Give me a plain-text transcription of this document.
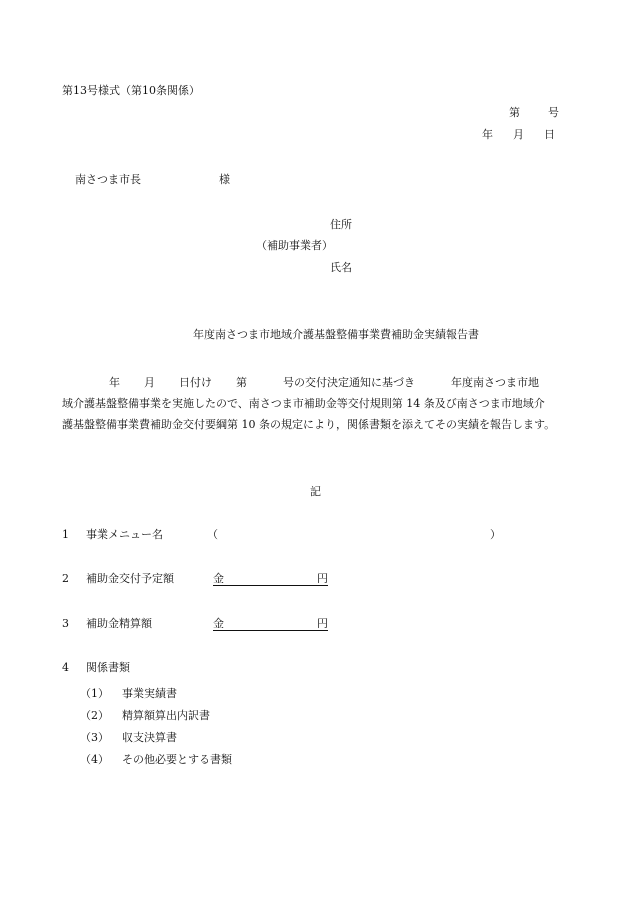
第13号様式（第10条関係）
第	号
年 月 日
南さつま市長	様
住所
（補助事業者）
氏名
年度南さつま市地域介護基盤整備事業費補助金実績報告書

年 月 日付け 第	号の交付決定通知に基づき	年度南さつま市地

域介護基盤整備事業を実施したので、南さつま市補助金等交付規則第 14 条及び南さつま市地域介

護基盤整備事業費補助金交付要綱第 10 条の規定により，関係書類を添えてその実績を報告します。

記
1 事業メニュー名	（	）
2 補助金交付予定額	金	円
3 補助金精算額	金	円
4 関係書類
（1） 事業実績書
（2） 精算額算出内訳書
（3） 収支決算書
（4） その他必要とする書類
